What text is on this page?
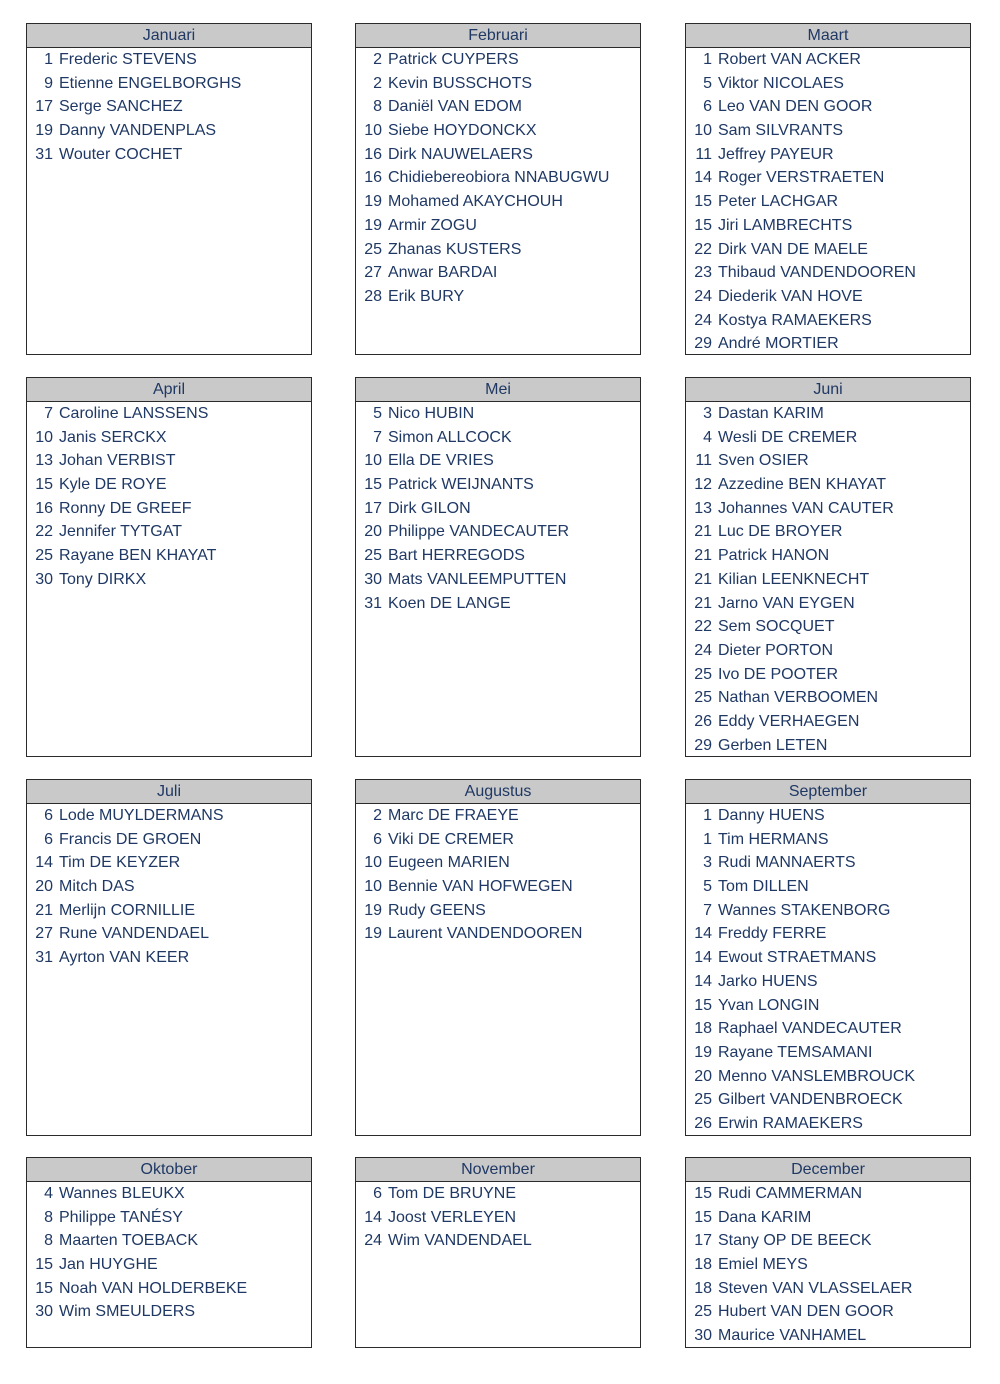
Januari
1 Frederic STEVENS
9 Etienne ENGELBORGHS
17 Serge SANCHEZ
19 Danny VANDENPLAS
31 Wouter COCHET
Februari
2 Patrick CUYPERS
2 Kevin BUSSCHOTS
8 Daniël VAN EDOM
10 Siebe HOYDONCKX
16 Dirk NAUWELAERS
16 Chidiebereobiora NNABUGWU
19 Mohamed AKAYCHOUH
19 Armir ZOGU
25 Zhanas KUSTERS
27 Anwar BARDAI
28 Erik BURY
Maart
1 Robert VAN ACKER
5 Viktor NICOLAES
6 Leo VAN DEN GOOR
10 Sam SILVRANTS
11 Jeffrey PAYEUR
14 Roger VERSTRAETEN
15 Peter LACHGAR
15 Jiri LAMBRECHTS
22 Dirk VAN DE MAELE
23 Thibaud VANDENDOOREN
24 Diederik VAN HOVE
24 Kostya RAMAEKERS
29 André MORTIER
April
7 Caroline LANSSENS
10 Janis SERCKX
13 Johan VERBIST
15 Kyle DE ROYE
16 Ronny DE GREEF
22 Jennifer TYTGAT
25 Rayane BEN KHAYAT
30 Tony DIRKX
Mei
5 Nico HUBIN
7 Simon ALLCOCK
10 Ella DE VRIES
15 Patrick WEIJNANTS
17 Dirk GILON
20 Philippe VANDECAUTER
25 Bart HERREGODS
30 Mats VANLEEMPUTTEN
31 Koen DE LANGE
Juni
3 Dastan KARIM
4 Wesli DE CREMER
11 Sven OSIER
12 Azzedine BEN KHAYAT
13 Johannes VAN CAUTER
21 Luc DE BROYER
21 Patrick HANON
21 Kilian LEENKNECHT
21 Jarno VAN EYGEN
22 Sem SOCQUET
24 Dieter PORTON
25 Ivo DE POOTER
25 Nathan VERBOOMEN
26 Eddy VERHAEGEN
29 Gerben LETEN
Juli
6 Lode MUYLDERMANS
6 Francis DE GROEN
14 Tim DE KEYZER
20 Mitch DAS
21 Merlijn CORNILLIE
27 Rune VANDENDAEL
31 Ayrton VAN KEER
Augustus
2 Marc DE FRAEYE
6 Viki DE CREMER
10 Eugeen MARIEN
10 Bennie VAN HOFWEGEN
19 Rudy GEENS
19 Laurent VANDENDOOREN
September
1 Danny HUENS
1 Tim HERMANS
3 Rudi MANNAERTS
5 Tom DILLEN
7 Wannes STAKENBORG
14 Freddy FERRE
14 Ewout STRAETMANS
14 Jarko HUENS
15 Yvan LONGIN
18 Raphael VANDECAUTER
19 Rayane TEMSAMANI
20 Menno VANSLEMBROUCK
25 Gilbert VANDENBROECK
26 Erwin RAMAEKERS
Oktober
4 Wannes BLEUKX
8 Philippe TANÉSY
8 Maarten TOEBACK
15 Jan HUYGHE
15 Noah VAN HOLDERBEKE
30 Wim SMEULDERS
November
6 Tom DE BRUYNE
14 Joost VERLEYEN
24 Wim VANDENDAEL
December
15 Rudi CAMMERMAN
15 Dana KARIM
17 Stany OP DE BEECK
18 Emiel MEYS
18 Steven VAN VLASSELAER
25 Hubert VAN DEN GOOR
30 Maurice VANHAMEL
